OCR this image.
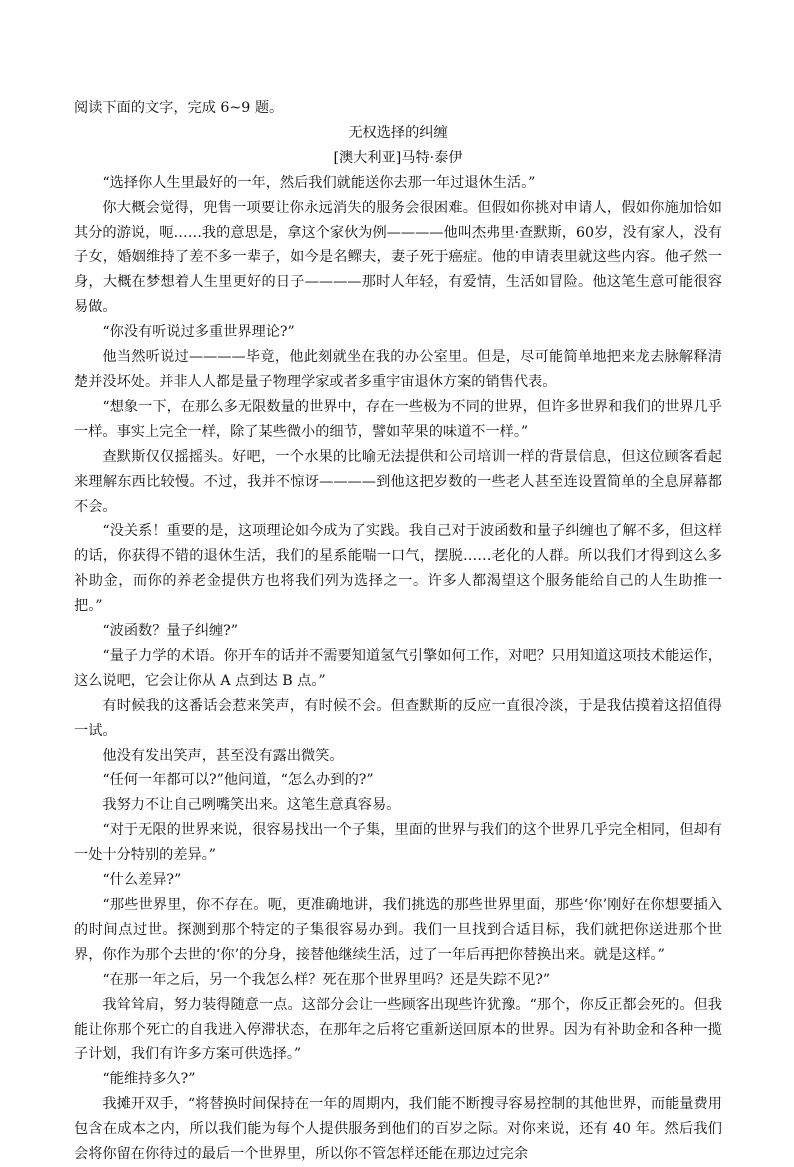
阅读下面的文字，完成 6~9 题。

无权选择的纠缠

[澳大利亚]马特·泰伊

“选择你人生里最好的一年，然后我们就能送你去那一年过退休生活。”

你大概会觉得，兜售一项要让你永远消失的服务会很困难。但假如你挑对申请人，假如你施加恰如其分的游说，呃……我的意思是，拿这个家伙为例————他叫杰弗里·查默斯，60岁，没有家人，没有子女，婚姻维持了差不多一辈子，如今是名鳏夫，妻子死于癌症。他的申请表里就这些内容。他孑然一身，大概在梦想着人生里更好的日子————那时人年轻，有爱情，生活如冒险。他这笔生意可能很容易做。

“你没有听说过多重世界理论?”

他当然听说过————毕竟，他此刻就坐在我的办公室里。但是，尽可能简单地把来龙去脉解释清楚并没坏处。并非人人都是量子物理学家或者多重宇宙退休方案的销售代表。

“想象一下，在那么多无限数量的世界中，存在一些极为不同的世界，但许多世界和我们的世界几乎一样。事实上完全一样，除了某些微小的细节，譬如苹果的味道不一样。”

查默斯仅仅摇摇头。好吧，一个水果的比喻无法提供和公司培训一样的背景信息，但这位顾客看起来理解东西比较慢。不过，我并不惊讶————到他这把岁数的一些老人甚至连设置简单的全息屏幕都不会。

“没关系！重要的是，这项理论如今成为了实践。我自己对于波函数和量子纠缠也了解不多，但这样的话，你获得不错的退休生活，我们的星系能喘一口气，摆脱……老化的人群。所以我们才得到这么多补助金，而你的养老金提供方也将我们列为选择之一。许多人都渴望这个服务能给自己的人生助推一把。”

“波函数？量子纠缠?”

“量子力学的术语。你开车的话并不需要知道氢气引擎如何工作，对吧？只用知道这项技术能运作，这么说吧，它会让你从 A 点到达 B 点。”

有时候我的这番话会惹来笑声，有时候不会。但查默斯的反应一直很冷淡，于是我估摸着这招值得一试。

他没有发出笑声，甚至没有露出微笑。

“任何一年都可以?”他问道，“怎么办到的?”

我努力不让自己咧嘴笑出来。这笔生意真容易。

“对于无限的世界来说，很容易找出一个子集，里面的世界与我们的这个世界几乎完全相同，但却有一处十分特别的差异。”

“什么差异?”

“那些世界里，你不存在。呃，更准确地讲，我们挑选的那些世界里面，那些‘你’刚好在你想要插入的时间点过世。探测到那个特定的子集很容易办到。我们一旦找到合适目标，我们就把你送进那个世界，你作为那个去世的‘你’的分身，接替他继续生活，过了一年后再把你替换出来。就是这样。”

“在那一年之后，另一个我怎么样？死在那个世界里吗？还是失踪不见?”

我耸耸肩，努力装得随意一点。这部分会让一些顾客出现些许犹豫。“那个，你反正都会死的。但我能让你那个死亡的自我进入停滞状态，在那年之后将它重新送回原本的世界。因为有补助金和各种一揽子计划，我们有许多方案可供选择。”

“能维持多久?”

我摊开双手，“将替换时间保持在一年的周期内，我们能不断搜寻容易控制的其他世界，而能量费用包含在成本之内，所以我们能为每个人提供服务到他们的百岁之际。对你来说，还有 40 年。然后我们会将你留在你待过的最后一个世界里，所以你不管怎样还能在那边过完余
